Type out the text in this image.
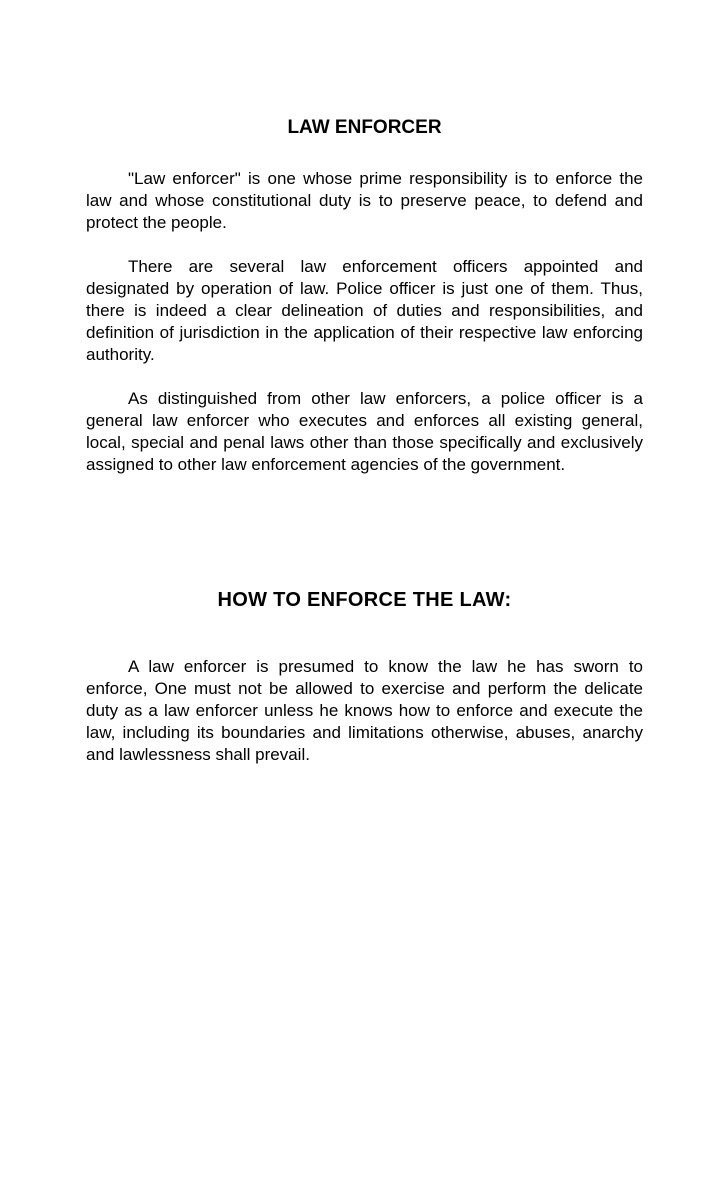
LAW ENFORCER

"Law enforcer" is one whose prime responsibility is to enforce the law and whose constitutional duty is to preserve peace, to defend and protect the people.

There are several law enforcement officers appointed and designated by operation of law. Police officer is just one of them. Thus, there is indeed a clear delineation of duties and responsibilities, and definition of jurisdiction in the application of their respective law enforcing authority.

As distinguished from other law enforcers, a police officer is a general law enforcer who executes and enforces all existing general, local, special and penal laws other than those specifically and exclusively assigned to other law enforcement agencies of the government.

HOW TO ENFORCE THE LAW:

A law enforcer is presumed to know the law he has sworn to enforce, One must not be allowed to exercise and perform the delicate duty as a law enforcer unless he knows how to enforce and execute the law, including its boundaries and limitations otherwise, abuses, anarchy and lawlessness shall prevail.
